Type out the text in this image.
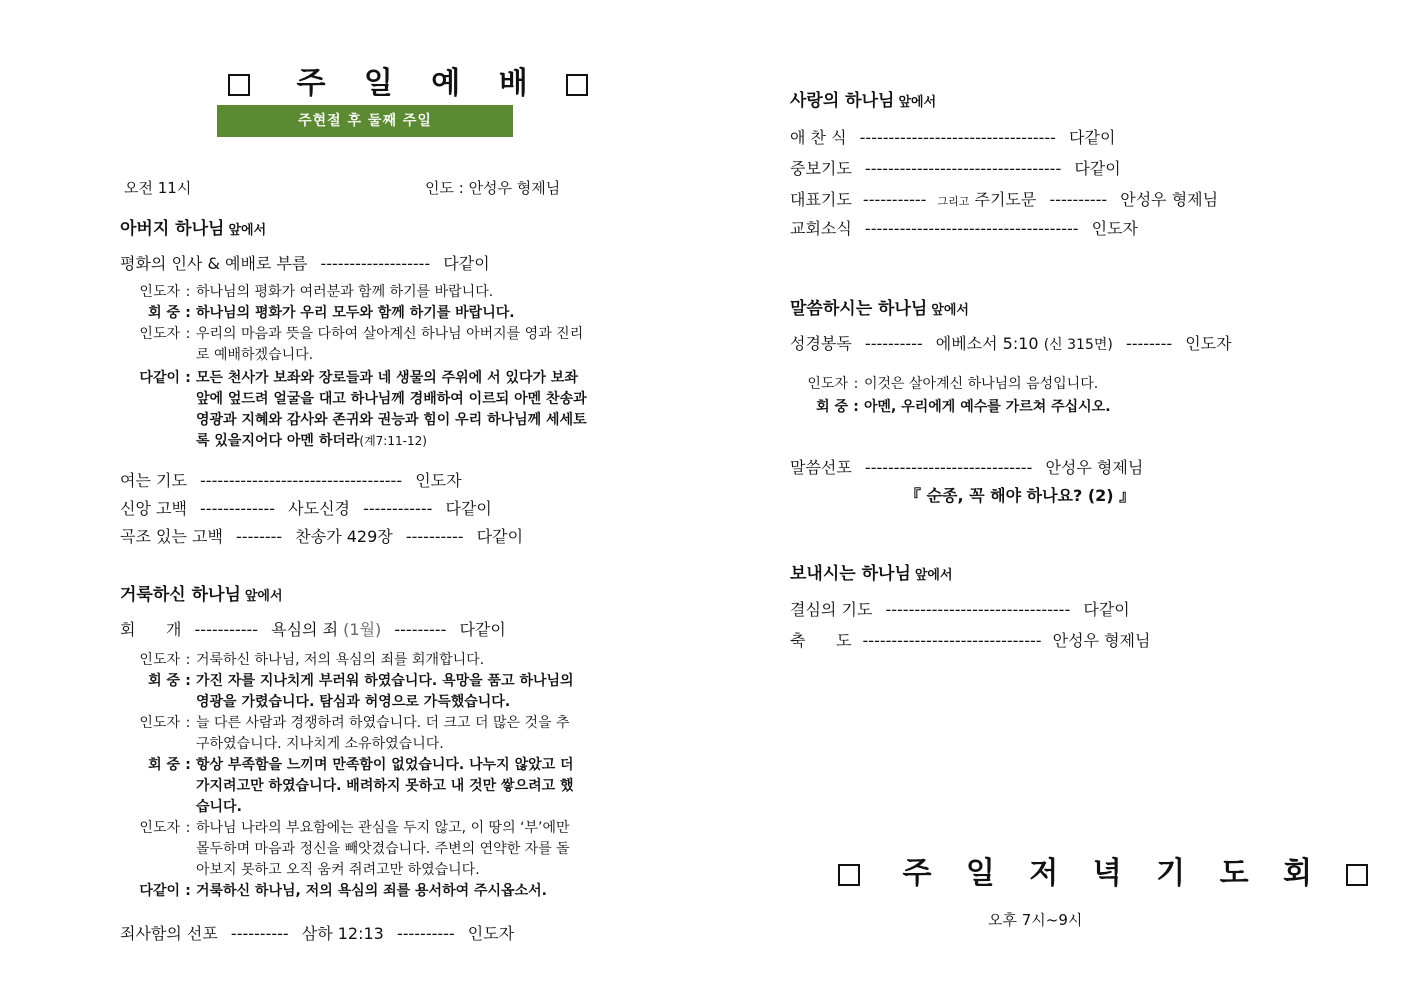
주 일 예 배
주현절 후 둘째 주일
오전 11시	인도 : 안성우 형제님
아버지 하나님 앞에서
평화의 인사 & 예배로 부름 ------------------- 다같이
인도자 : 하나님의 평화가 여러분과 함께 하기를 바랍니다.
회 중 : 하나님의 평화가 우리 모두와 함께 하기를 바랍니다.
인도자 : 우리의 마음과 뜻을 다하여 살아계신 하나님 아버지를 영과 진리로 예배하겠습니다.
다같이 : 모든 천사가 보좌와 장로들과 네 생물의 주위에 서 있다가 보좌 앞에 엎드려 얼굴을 대고 하나님께 경배하여 이르되 아멘 찬송과 영광과 지혜와 감사와 존귀와 권능과 힘이 우리 하나님께 세세토록 있을지어다 아멘 하더라(계7:11-12)
여는 기도 ----------------------------------- 인도자
신앙 고백 ------------- 사도신경 ------------ 다같이
곡조 있는 고백 -------- 찬송가 429장 ---------- 다같이
거룩하신 하나님 앞에서
회      개 ----------- 욕심의 죄 (1월) --------- 다같이
인도자 : 거룩하신 하나님, 저의 욕심의 죄를 회개합니다.
회 중 : 가진 자를 지나치게 부러워 하였습니다. 욕망을 품고 하나님의 영광을 가렸습니다. 탐심과 허영으로 가득했습니다.
인도자 : 늘 다른 사람과 경쟁하려 하였습니다. 더 크고 더 많은 것을 추구하였습니다. 지나치게 소유하였습니다.
회 중 : 항상 부족함을 느끼며 만족함이 없었습니다. 나누지 않았고 더 가지려고만 하였습니다. 배려하지 못하고 내 것만 쌓으려고 했습니다.
인도자 : 하나님 나라의 부요함에는 관심을 두지 않고, 이 땅의 ‘부’에만 몰두하며 마음과 정신을 빼앗겼습니다. 주변의 연약한 자를 돌아보지 못하고 오직 움켜 쥐려고만 하였습니다.
다같이 : 거룩하신 하나님, 저의 욕심의 죄를 용서하여 주시옵소서.
죄사함의 선포 ---------- 삼하 12:13 ---------- 인도자
사랑의 하나님 앞에서
애 찬 식 ---------------------------------- 다같이
중보기도 ---------------------------------- 다같이
대표기도 ----------- 그리고 주기도문 ---------- 안성우 형제님
교회소식 ------------------------------------- 인도자
말씀하시는 하나님 앞에서
성경봉독 ---------- 에베소서 5:10 (신 315면) -------- 인도자
인도자 : 이것은 살아계신 하나님의 음성입니다.
회 중 : 아멘, 우리에게 예수를 가르쳐 주십시오.
말씀선포 ----------------------------- 안성우 형제님
『 순종, 꼭 해야 하나요? (2) 』
보내시는 하나님 앞에서
결심의 기도 -------------------------------- 다같이
축      도 ------------------------------- 안성우 형제님
주 일 저 녁 기 도 회
오후 7시~9시
